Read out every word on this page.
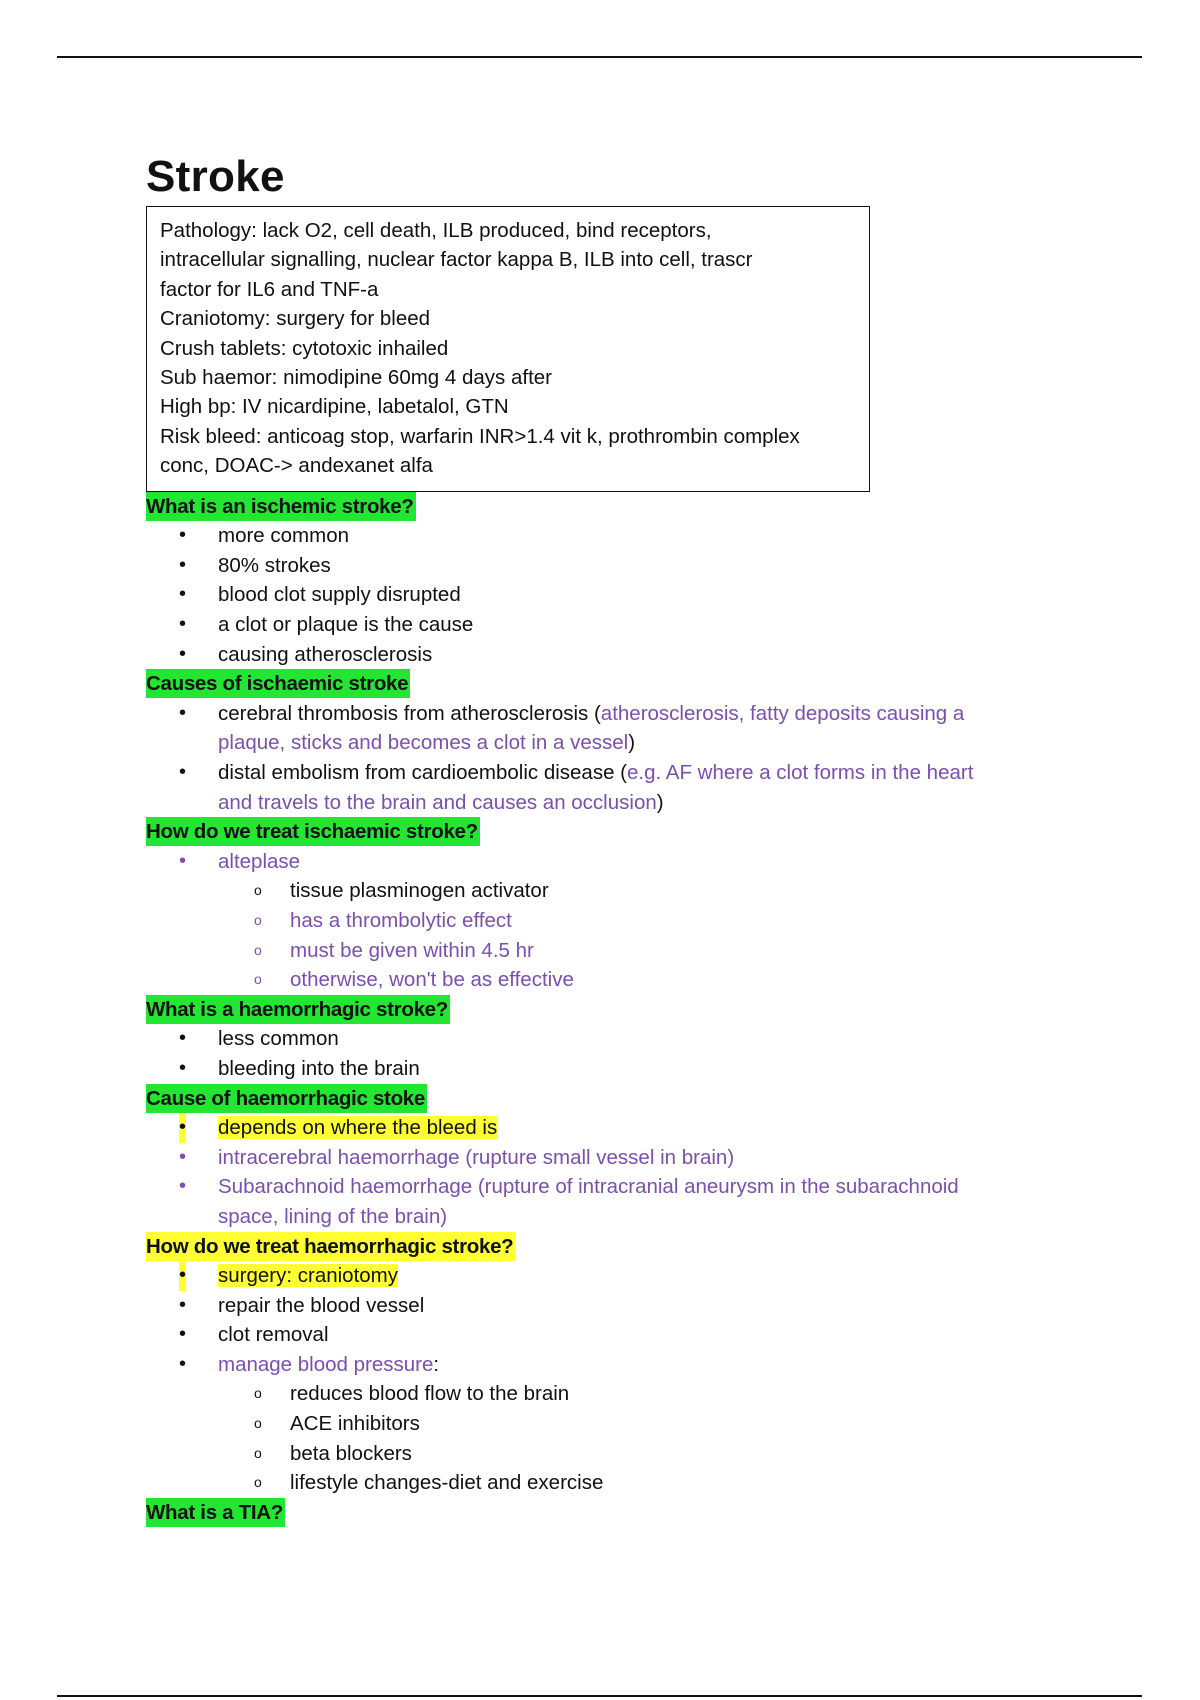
Stroke
Pathology: lack O2, cell death, ILB produced, bind receptors,
intracellular signalling, nuclear factor kappa B, ILB into cell, trascr
factor for IL6 and TNF-a
Craniotomy: surgery for bleed
Crush tablets: cytotoxic inhailed
Sub haemor: nimodipine 60mg 4 days after
High bp: IV nicardipine, labetalol, GTN
Risk bleed: anticoag stop, warfarin INR>1.4 vit k, prothrombin complex
conc, DOAC-> andexanet alfa
What is an ischemic stroke?
• more common
• 80% strokes
• blood clot supply disrupted
• a clot or plaque is the cause
• causing atherosclerosis
Causes of ischaemic stroke
• cerebral thrombosis from atherosclerosis (atherosclerosis, fatty deposits causing a
plaque, sticks and becomes a clot in a vessel)
• distal embolism from cardioembolic disease (e.g. AF where a clot forms in the heart
and travels to the brain and causes an occlusion)
How do we treat ischaemic stroke?
• alteplase
o tissue plasminogen activator
o has a thrombolytic effect
o must be given within 4.5 hr
o otherwise, won't be as effective
What is a haemorrhagic stroke?
• less common
• bleeding into the brain
Cause of haemorrhagic stoke
• depends on where the bleed is
• intracerebral haemorrhage (rupture small vessel in brain)
• Subarachnoid haemorrhage (rupture of intracranial aneurysm in the subarachnoid
space, lining of the brain)
How do we treat haemorrhagic stroke?
• surgery: craniotomy
• repair the blood vessel
• clot removal
• manage blood pressure:
o reduces blood flow to the brain
o ACE inhibitors
o beta blockers
o lifestyle changes-diet and exercise
What is a TIA?
